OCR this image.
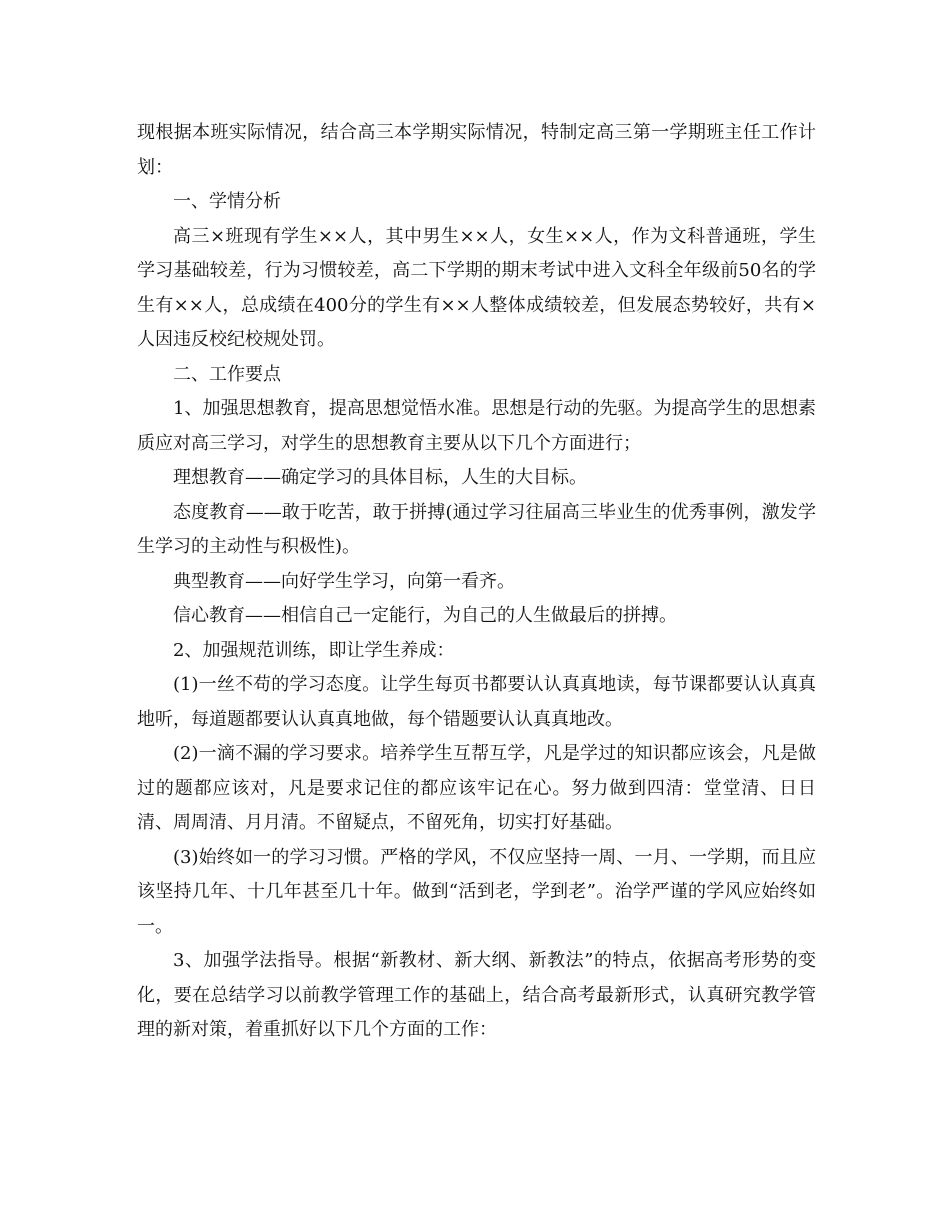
现根据本班实际情况，结合高三本学期实际情况，特制定高三第一学期班主任工作计划：

一、学情分析

高三×班现有学生××人，其中男生××人，女生××人，作为文科普通班，学生学习基础较差，行为习惯较差，高二下学期的期末考试中进入文科全年级前50名的学生有××人，总成绩在400分的学生有××人整体成绩较差，但发展态势较好，共有×人因违反校纪校规处罚。

二、工作要点

1、加强思想教育，提高思想觉悟水准。思想是行动的先驱。为提高学生的思想素质应对高三学习，对学生的思想教育主要从以下几个方面进行；

理想教育——确定学习的具体目标，人生的大目标。

态度教育——敢于吃苦，敢于拼搏(通过学习往届高三毕业生的优秀事例，激发学生学习的主动性与积极性)。

典型教育——向好学生学习，向第一看齐。

信心教育——相信自己一定能行，为自己的人生做最后的拼搏。

2、加强规范训练，即让学生养成：

(1)一丝不苟的学习态度。让学生每页书都要认认真真地读，每节课都要认认真真地听，每道题都要认认真真地做，每个错题要认认真真地改。

(2)一滴不漏的学习要求。培养学生互帮互学，凡是学过的知识都应该会，凡是做过的题都应该对，凡是要求记住的都应该牢记在心。努力做到四清：堂堂清、日日清、周周清、月月清。不留疑点，不留死角，切实打好基础。

(3)始终如一的学习习惯。严格的学风，不仅应坚持一周、一月、一学期，而且应该坚持几年、十几年甚至几十年。做到“活到老，学到老”。治学严谨的学风应始终如一。

3、加强学法指导。根据“新教材、新大纲、新教法”的特点，依据高考形势的变化，要在总结学习以前教学管理工作的基础上，结合高考最新形式，认真研究教学管理的新对策，着重抓好以下几个方面的工作：
